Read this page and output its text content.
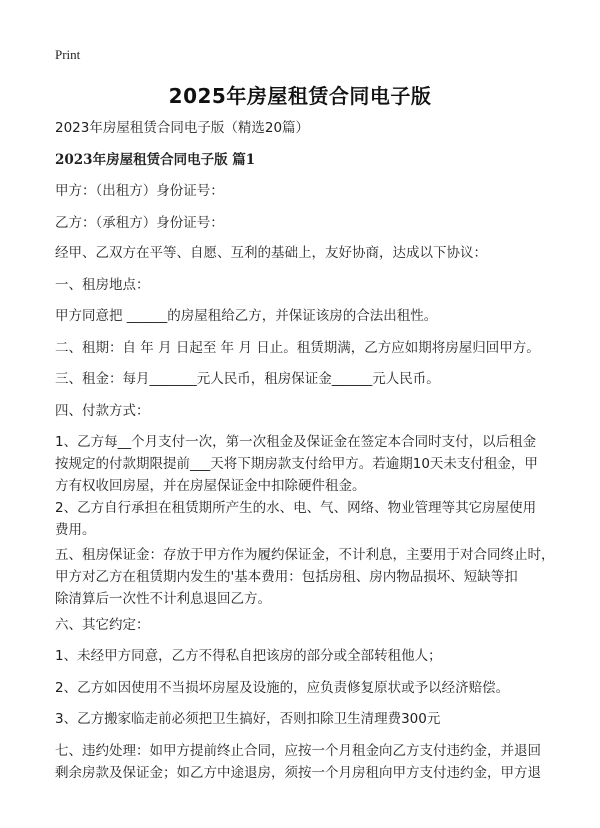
Print
2025年房屋租赁合同电子版
2023年房屋租赁合同电子版（精选20篇）
2023年房屋租赁合同电子版 篇1
甲方：（出租方）身份证号：
乙方：（承租方）身份证号：
经甲、乙双方在平等、自愿、互利的基础上，友好协商，达成以下协议：
一、租房地点：
甲方同意把 ______的房屋租给乙方，并保证该房的合法出租性。
二、租期：自 年 月 日起至 年 月 日止。租赁期满，乙方应如期将房屋归回甲方。
三、租金：每月_______元人民币，租房保证金______元人民币。
四、付款方式：
1、乙方每__个月支付一次，第一次租金及保证金在签定本合同时支付，以后租金
按规定的付款期限提前___天将下期房款支付给甲方。若逾期10天未支付租金，甲
方有权收回房屋，并在房屋保证金中扣除硬件租金。
2、乙方自行承担在租赁期所产生的水、电、气、网络、物业管理等其它房屋使用
费用。
五、租房保证金：存放于甲方作为履约保证金，不计利息，主要用于对合同终止时，
甲方对乙方在租赁期内发生的'基本费用：包括房租、房内物品损坏、短缺等扣
除清算后一次性不计利息退回乙方。
六、其它约定：
1、未经甲方同意，乙方不得私自把该房的部分或全部转租他人；
2、乙方如因使用不当损坏房屋及设施的，应负责修复原状或予以经济赔偿。
3、乙方搬家临走前必须把卫生搞好，否则扣除卫生清理费300元
七、违约处理：如甲方提前终止合同，应按一个月租金向乙方支付违约金，并退回
剩余房款及保证金；如乙方中途退房，须按一个月房租向甲方支付违约金，甲方退
